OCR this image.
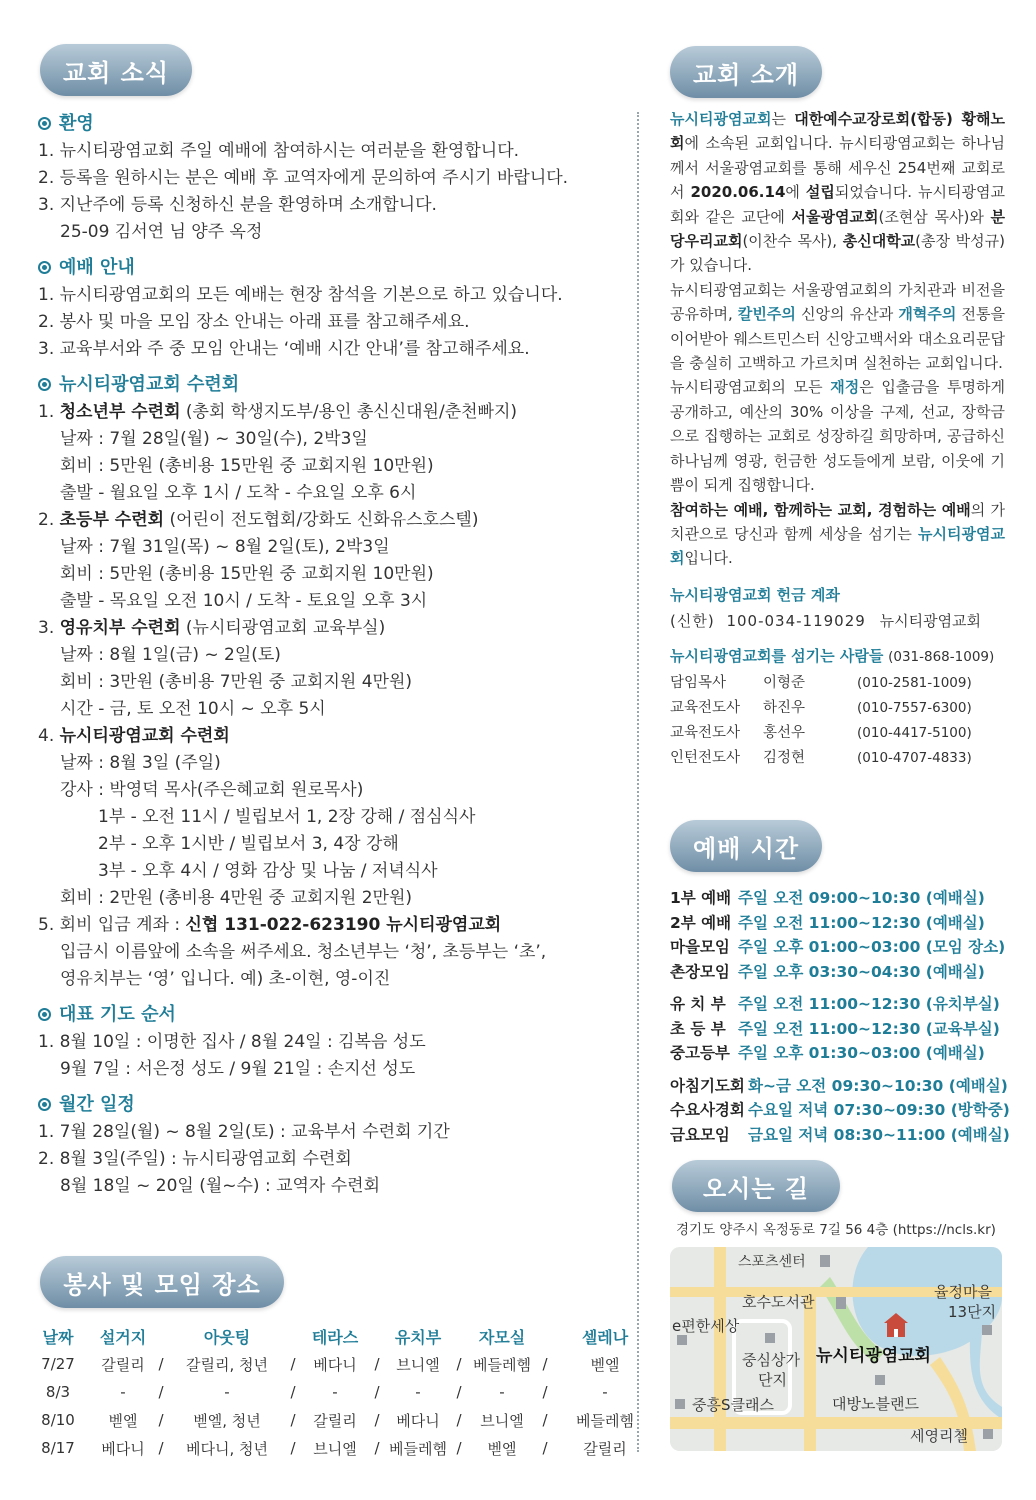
교회 소식	교회 소개
예배 시간
오시는 길
봉사 및 모임 장소
환영
1. 뉴시티광염교회 주일 예배에 참여하시는 여러분을 환영합니다.
2. 등록을 원하시는 분은 예배 후 교역자에게 문의하여 주시기 바랍니다.
3. 지난주에 등록 신청하신 분을 환영하며 소개합니다.
25-09 김서연 님 양주 옥정
예배 안내
1. 뉴시티광염교회의 모든 예배는 현장 참석을 기본으로 하고 있습니다.
2. 봉사 및 마을 모임 장소 안내는 아래 표를 참고해주세요.
3. 교육부서와 주 중 모임 안내는 ‘예배 시간 안내’를 참고해주세요.
뉴시티광염교회 수련회
1. 청소년부 수련회 (총회 학생지도부/용인 총신신대원/춘천빠지)
날짜 : 7월 28일(월) ~ 30일(수), 2박3일
회비 : 5만원 (총비용 15만원 중 교회지원 10만원)
출발 - 월요일 오후 1시 / 도착 - 수요일 오후 6시
2. 초등부 수련회 (어린이 전도협회/강화도 신화유스호스텔)
날짜 : 7월 31일(목) ~ 8월 2일(토), 2박3일
회비 : 5만원 (총비용 15만원 중 교회지원 10만원)
출발 - 목요일 오전 10시 / 도착 - 토요일 오후 3시
3. 영유치부 수련회 (뉴시티광염교회 교육부실)
날짜 : 8월 1일(금) ~ 2일(토)
회비 : 3만원 (총비용 7만원 중 교회지원 4만원)
시간 - 금, 토 오전 10시 ~ 오후 5시
4. 뉴시티광염교회 수련회
날짜 : 8월 3일 (주일)
강사 : 박영덕 목사(주은혜교회 원로목사)
1부 - 오전 11시 / 빌립보서 1, 2장 강해 / 점심식사
2부 - 오후 1시반 / 빌립보서 3, 4장 강해
3부 - 오후 4시 / 영화 감상 및 나눔 / 저녁식사
회비 : 2만원 (총비용 4만원 중 교회지원 2만원)
5. 회비 입금 계좌 : 신협 131-022-623190 뉴시티광염교회
입금시 이름앞에 소속을 써주세요. 청소년부는 ‘청’, 초등부는 ‘초’,
영유치부는 ‘영’ 입니다. 예) 초-이현, 영-이진
대표 기도 순서
1. 8월 10일 : 이명한 집사 / 8월 24일 : 김복음 성도
9월 7일 : 서은정 성도 / 9월 21일 : 손지선 성도
월간 일정
1. 7월 28일(월) ~ 8월 2일(토) : 교육부서 수련회 기간
2. 8월 3일(주일) : 뉴시티광염교회 수련회
8월 18일 ~ 20일 (월~수) : 교역자 수련회
날짜		설거지		아웃팅		테라스		유치부		자모실		셀레나
7/27		갈릴리	/	갈릴리, 청년	/	베다니	/	브니엘	/	베들레헴	/	벧엘
8/3		-	/	-	/	-	/	-	/	-	/	-
8/10		벧엘	/	벧엘, 청년	/	갈릴리	/	베다니	/	브니엘	/	베들레헴
8/17		베다니	/	베다니, 청년	/	브니엘	/	베들레헴	/	벧엘	/	갈릴리
뉴시티광염교회는 대한예수교장로회(합동) 황해노회에 소속된 교회입니다. 뉴시티광염교회는 하나님께서 서울광염교회를 통해 세우신 254번째 교회로서 2020.06.14에 설립되었습니다. 뉴시티광염교회와 같은 교단에 서울광염교회(조현삼 목사)와 분당우리교회(이찬수 목사), 총신대학교(총장 박성규)가 있습니다.
뉴시티광염교회는 서울광염교회의 가치관과 비전을 공유하며, 칼빈주의 신앙의 유산과 개혁주의 전통을 이어받아 웨스트민스터 신앙고백서와 대소요리문답을 충실히 고백하고 가르치며 실천하는 교회입니다.
뉴시티광염교회의 모든 재정은 입출금을 투명하게 공개하고, 예산의 30% 이상을 구제, 선교, 장학금으로 집행하는 교회로 성장하길 희망하며, 공급하신 하나님께 영광, 헌금한 성도들에게 보람, 이웃에 기쁨이 되게 집행합니다.
참여하는 예배, 함께하는 교회, 경험하는 예배의 가치관으로 당신과 함께 세상을 섬기는 뉴시티광염교회입니다.
뉴시티광염교회 헌금 계좌
(신한) 100-034-119029 뉴시티광염교회
뉴시티광염교회를 섬기는 사람들 (031-868-1009)
담임목사	이형준	(010-2581-1009)
교육전도사	하진우	(010-7557-6300)
교육전도사	홍선우	(010-4417-5100)
인턴전도사	김정현	(010-4707-4833)
1부 예배 주일 오전 09:00~10:30 (예배실)
2부 예배 주일 오전 11:00~12:30 (예배실)
마을모임 주일 오후 01:00~03:00 (모임 장소)
촌장모임 주일 오후 03:30~04:30 (예배실)
유 치 부 주일 오전 11:00~12:30 (유치부실)
초 등 부 주일 오전 11:00~12:30 (교육부실)
중고등부 주일 오후 01:30~03:00 (예배실)
아침기도회 화~금 오전 09:30~10:30 (예배실)
수요사경회 수요일 저녁 07:30~09:30 (방학중)
금요모임 금요일 저녁 08:30~11:00 (예배실)
경기도 양주시 옥정동로 7길 56 4층 (https://ncls.kr)
스포츠센터
호수도서관
e편한세상
중심상가
단지
뉴시티광염교회
대방노블랜드
중흥S클래스
율정마을
13단지
세영리첼
